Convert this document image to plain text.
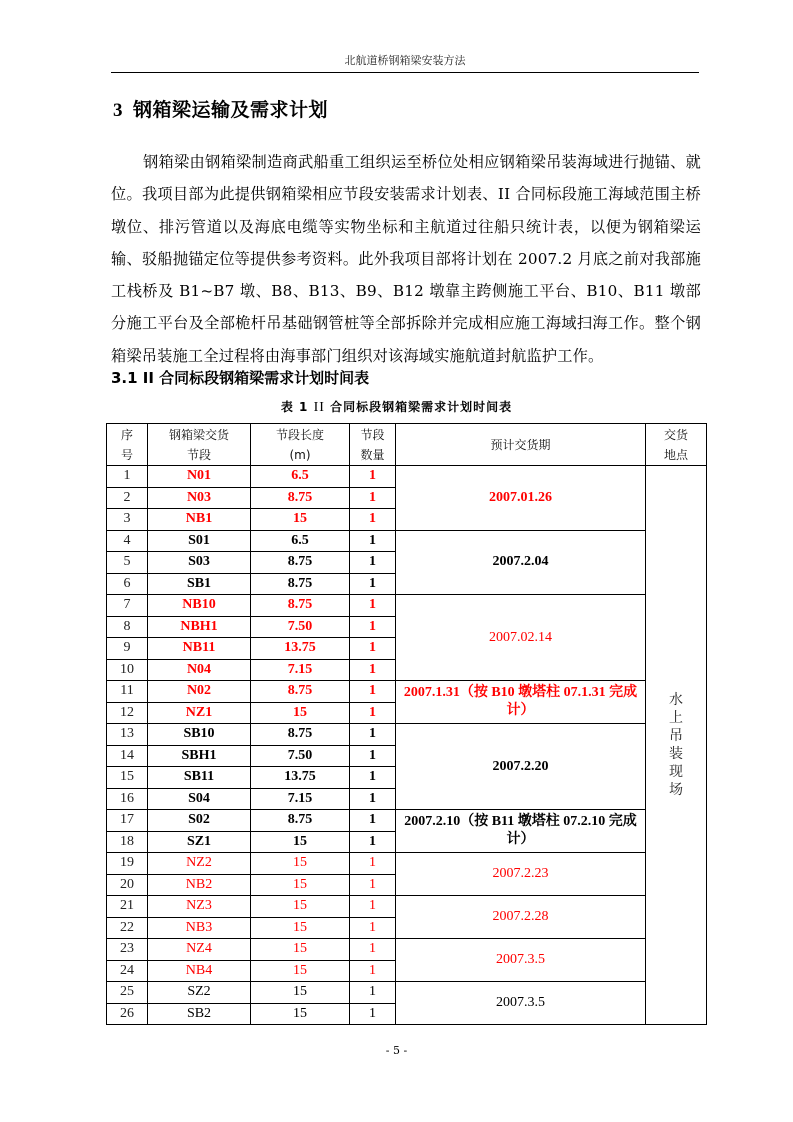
北航道桥钢箱梁安装方法
3 钢箱梁运输及需求计划
钢箱梁由钢箱梁制造商武船重工组织运至桥位处相应钢箱梁吊装海域进行抛锚、就位。我项目部为此提供钢箱梁相应节段安装需求计划表、II 合同标段施工海域范围主桥墩位、排污管道以及海底电缆等实物坐标和主航道过往船只统计表，以便为钢箱梁运输、驳船抛锚定位等提供参考资料。此外我项目部将计划在 2007.2 月底之前对我部施工栈桥及 B1~B7 墩、B8、B13、B9、B12 墩靠主跨侧施工平台、B10、B11 墩部分施工平台及全部桅杆吊基础钢管桩等全部拆除并完成相应施工海域扫海工作。整个钢箱梁吊装施工全过程将由海事部门组织对该海域实施航道封航监护工作。
3.1 II 合同标段钢箱梁需求计划时间表
表 1 II 合同标段钢箱梁需求计划时间表
序号	钢箱梁交货节段	节段长度(m)	节段数量	预计交货期	交货地点
1	N01	6.5	1	2007.01.26	水上吊装现场
2	N03	8.75	1		
3	NB1	15	1		
4	S01	6.5	1	2007.2.04	
5	S03	8.75	1		
6	SB1	8.75	1		
7	NB10	8.75	1	2007.02.14	
8	NBH1	7.50	1		
9	NB11	13.75	1		
10	N04	7.15	1		
11	N02	8.75	1	2007.1.31（按 B10 墩塔柱 07.1.31 完成计）	
12	NZ1	15	1		
13	SB10	8.75	1	2007.2.20	
14	SBH1	7.50	1		
15	SB11	13.75	1		
16	S04	7.15	1		
17	S02	8.75	1	2007.2.10（按 B11 墩塔柱 07.2.10 完成计）	
18	SZ1	15	1		
19	NZ2	15	1	2007.2.23	
20	NB2	15	1		
21	NZ3	15	1	2007.2.28	
22	NB3	15	1		
23	NZ4	15	1	2007.3.5	
24	NB4	15	1		
25	SZ2	15	1	2007.3.5	
26	SB2	15	1		
- 5 -
